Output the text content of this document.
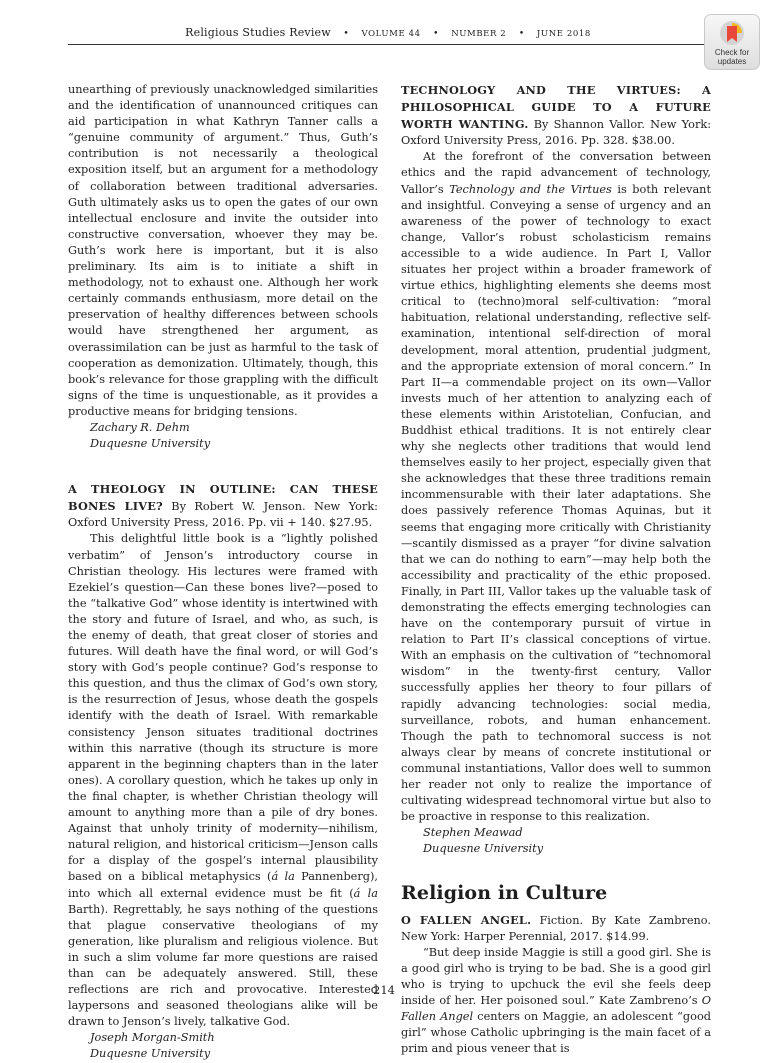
Religious Studies Review • VOLUME 44 • NUMBER 2 • JUNE 2018
Check for
updates

unearthing of previously unacknowledged similarities and the identification of unannounced critiques can aid participation in what Kathryn Tanner calls a “genuine community of argument.” Thus, Guth’s contribution is not necessarily a theological exposition itself, but an argument for a methodology of collaboration between traditional adversaries. Guth ultimately asks us to open the gates of our own intellectual enclosure and invite the outsider into constructive conversation, whoever they may be. Guth’s work here is important, but it is also preliminary. Its aim is to initiate a shift in methodology, not to exhaust one. Although her work certainly commands enthusiasm, more detail on the preservation of healthy differences between schools would have strengthened her argument, as overassimilation can be just as harmful to the task of cooperation as demonization. Ultimately, though, this book’s relevance for those grappling with the difficult signs of the time is unquestionable, as it provides a productive means for bridging tensions.

Zachary R. Dehm
Duquesne University

A THEOLOGY IN OUTLINE: CAN THESE BONES LIVE? By Robert W. Jenson. New York: Oxford University Press, 2016. Pp. vii + 140. $27.95.

This delightful little book is a “lightly polished verbatim” of Jenson’s introductory course in Christian theology. His lectures were framed with Ezekiel’s question—Can these bones live?—posed to the “talkative God” whose identity is intertwined with the story and future of Israel, and who, as such, is the enemy of death, that great closer of stories and futures. Will death have the final word, or will God’s story with God’s people continue? God’s response to this question, and thus the climax of God’s own story, is the resurrection of Jesus, whose death the gospels identify with the death of Israel. With remarkable consistency Jenson situates traditional doctrines within this narrative (though its structure is more apparent in the beginning chapters than in the later ones). A corollary question, which he takes up only in the final chapter, is whether Christian theology will amount to anything more than a pile of dry bones. Against that unholy trinity of modernity—nihilism, natural religion, and historical criticism—Jenson calls for a display of the gospel’s internal plausibility based on a biblical metaphysics (á la Pannenberg), into which all external evidence must be fit (á la Barth). Regrettably, he says nothing of the questions that plague conservative theologians of my generation, like pluralism and religious violence. But in such a slim volume far more questions are raised than can be adequately answered. Still, these reflections are rich and provocative. Interested laypersons and seasoned theologians alike will be drawn to Jenson’s lively, talkative God.

Joseph Morgan-Smith
Duquesne University

TECHNOLOGY AND THE VIRTUES: A PHILOSOPHICAL GUIDE TO A FUTURE WORTH WANTING. By Shannon Vallor. New York: Oxford University Press, 2016. Pp. 328. $38.00.

At the forefront of the conversation between ethics and the rapid advancement of technology, Vallor’s Technology and the Virtues is both relevant and insightful. Conveying a sense of urgency and an awareness of the power of technology to exact change, Vallor’s robust scholasticism remains accessible to a wide audience. In Part I, Vallor situates her project within a broader framework of virtue ethics, highlighting elements she deems most critical to (techno)moral self-cultivation: “moral habituation, relational understanding, reflective self-examination, intentional self-direction of moral development, moral attention, prudential judgment, and the appropriate extension of moral concern.” In Part II—a commendable project on its own—Vallor invests much of her attention to analyzing each of these elements within Aristotelian, Confucian, and Buddhist ethical traditions. It is not entirely clear why she neglects other traditions that would lend themselves easily to her project, especially given that she acknowledges that these three traditions remain incommensurable with their later adaptations. She does passively reference Thomas Aquinas, but it seems that engaging more critically with Christianity—scantily dismissed as a prayer “for divine salvation that we can do nothing to earn”—may help both the accessibility and practicality of the ethic proposed. Finally, in Part III, Vallor takes up the valuable task of demonstrating the effects emerging technologies can have on the contemporary pursuit of virtue in relation to Part II’s classical conceptions of virtue. With an emphasis on the cultivation of “technomoral wisdom” in the twenty-first century, Vallor successfully applies her theory to four pillars of rapidly advancing technologies: social media, surveillance, robots, and human enhancement. Though the path to technomoral success is not always clear by means of concrete institutional or communal instantiations, Vallor does well to summon her reader not only to realize the importance of cultivating widespread technomoral virtue but also to be proactive in response to this realization.

Stephen Meawad
Duquesne University
Religion in Culture

O FALLEN ANGEL. Fiction. By Kate Zambreno. New York: Harper Perennial, 2017. $14.99.

“But deep inside Maggie is still a good girl. She is a good girl who is trying to be bad. She is a good girl who is trying to upchuck the evil she feels deep inside of her. Her poisoned soul.” Kate Zambreno’s O Fallen Angel centers on Maggie, an adolescent “good girl” whose Catholic upbringing is the main facet of a prim and pious veneer that is

214
